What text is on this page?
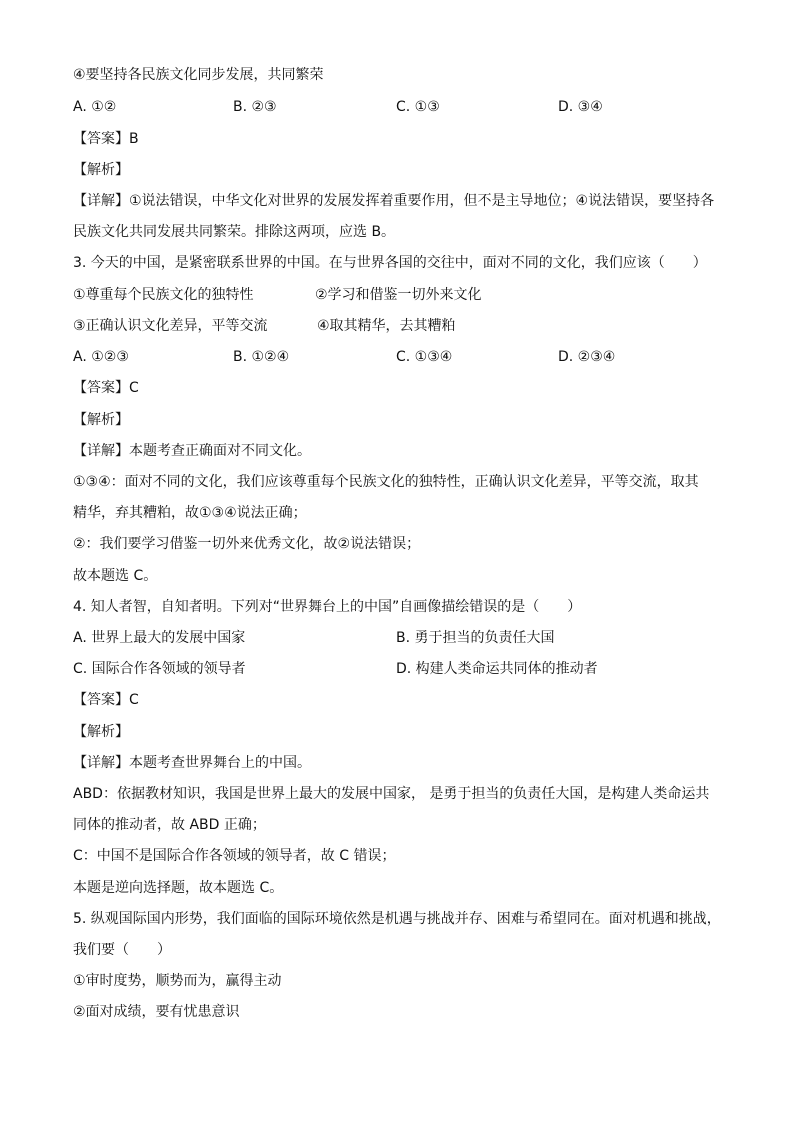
④要坚持各民族文化同步发展，共同繁荣
A. ①②	B. ②③	C. ①③	D. ③④
【答案】B
【解析】
【详解】①说法错误，中华文化对世界的发展发挥着重要作用，但不是主导地位；④说法错误，要坚持各
民族文化共同发展共同繁荣。排除这两项，应选 B。
3. 今天的中国，是紧密联系世界的中国。在与世界各国的交往中，面对不同的文化，我们应该（　　）
①尊重每个民族文化的独特性	②学习和借鉴一切外来文化
③正确认识文化差异，平等交流	④取其精华，去其糟粕
A. ①②③	B. ①②④	C. ①③④	D. ②③④
【答案】C
【解析】
【详解】本题考查正确面对不同文化。
①③④：面对不同的文化，我们应该尊重每个民族文化的独特性，正确认识文化差异，平等交流，取其
精华，弃其糟粕，故①③④说法正确；
②：我们要学习借鉴一切外来优秀文化，故②说法错误；
故本题选 C。
4. 知人者智，自知者明。下列对“世界舞台上的中国”自画像描绘错误的是（　　）
A. 世界上最大的发展中国家	B. 勇于担当的负责任大国
C. 国际合作各领域的领导者	D. 构建人类命运共同体的推动者
【答案】C
【解析】
【详解】本题考查世界舞台上的中国。
ABD：依据教材知识，我国是世界上最大的发展中国家， 是勇于担当的负责任大国，是构建人类命运共
同体的推动者，故 ABD 正确；
C：中国不是国际合作各领域的领导者，故 C 错误；
本题是逆向选择题，故本题选 C。
5. 纵观国际国内形势，我们面临的国际环境依然是机遇与挑战并存、困难与希望同在。面对机遇和挑战，
我们要（　　）
①审时度势，顺势而为，赢得主动
②面对成绩，要有忧患意识
